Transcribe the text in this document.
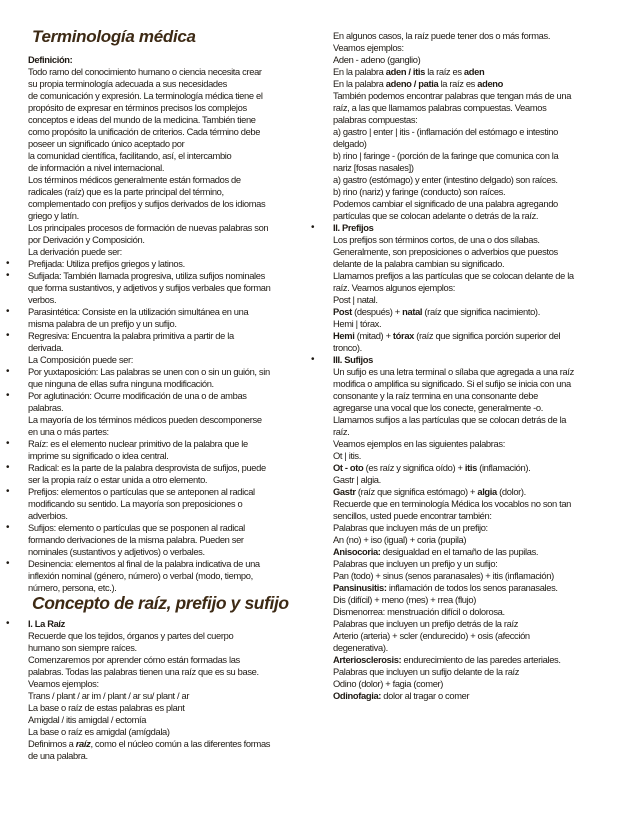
Terminología médica
Definición:
Todo ramo del conocimiento humano o ciencia necesita crear
su propia terminología adecuada a sus necesidades
de comunicación y expresión. La terminología médica tiene el
propósito de expresar en términos precisos los complejos
conceptos e ideas del mundo de la medicina. También tiene
como propósito la unificación de criterios. Cada término debe
poseer un significado único aceptado por
la comunidad científica, facilitando, así, el intercambio
de información a nivel internacional.
Los términos médicos generalmente están formados de
radicales (raíz) que es la parte principal del término,
complementado con prefijos y sufijos derivados de los idiomas
griego y latín.
Los principales procesos de formación de nuevas palabras son
por Derivación y Composición.
La derivación puede ser:
• Prefijada: Utiliza prefijos griegos y latinos.
• Sufijada: También llamada progresiva, utiliza sufijos nominales
que forma sustantivos, y adjetivos y sufijos verbales que forman
verbos.
• Parasintética: Consiste en la utilización simultánea en una
misma palabra de un prefijo y un sufijo.
• Regresiva: Encuentra la palabra primitiva a partir de la
derivada.
La Composición puede ser:
• Por yuxtaposición: Las palabras se unen con o sin un guión, sin
que ninguna de ellas sufra ninguna modificación.
• Por aglutinación: Ocurre modificación de una o de ambas
palabras.
La mayoría de los términos médicos pueden descomponerse
en una o más partes:
• Raíz: es el elemento nuclear primitivo de la palabra que le
imprime su significado o idea central.
• Radical: es la parte de la palabra desprovista de sufijos, puede
ser la propia raíz o estar unida a otro elemento.
• Prefijos: elementos o partículas que se anteponen al radical
modificando su sentido. La mayoría son preposiciones o
adverbios.
• Sufijos: elemento o partículas que se posponen al radical
formando derivaciones de la misma palabra. Pueden ser
nominales (sustantivos y adjetivos) o verbales.
• Desinencia: elementos al final de la palabra indicativa de una
inflexión nominal (género, número) o verbal (modo, tiempo,
número, persona, etc.).
Concepto de raíz, prefijo y sufijo
• I. La Raíz
Recuerde que los tejidos, órganos y partes del cuerpo
humano son siempre raíces.
Comenzaremos por aprender cómo están formadas las
palabras. Todas las palabras tienen una raíz que es su base.
Veamos ejemplos:
Trans / plant / ar im / plant / ar su/ plant / ar
La base o raíz de estas palabras es plant
Amigdal / itis amigdal / ectomía
La base o raíz es amigdal (amígdala)
Definimos a raíz, como el núcleo común a las diferentes formas
de una palabra.
En algunos casos, la raíz puede tener dos o más formas.
Veamos ejemplos:
Aden - adeno (ganglio)
En la palabra aden / itis la raíz es aden
En la palabra adeno / patia la raíz es adeno
También podemos encontrar palabras que tengan más de una
raíz, a las que llamamos palabras compuestas. Veamos
palabras compuestas:
a) gastro | enter | itis - (inflamación del estómago e intestino
delgado)
b) rino | faringe - (porción de la faringe que comunica con la
nariz [fosas nasales])
a) gastro (estómago) y enter (intestino delgado) son raíces.
b) rino (nariz) y faringe (conducto) son raíces.
Podemos cambiar el significado de una palabra agregando
partículas que se colocan adelante o detrás de la raíz.
• II. Prefijos
Los prefijos son términos cortos, de una o dos sílabas.
Generalmente, son preposiciones o adverbios que puestos
delante de la palabra cambian su significado.
Llamamos prefijos a las partículas que se colocan delante de la
raíz. Veamos algunos ejemplos:
Post | natal.
Post (después) + natal (raíz que significa nacimiento).
Hemi | tórax.
Hemi (mitad) + tórax (raíz que significa porción superior del
tronco).
• III. Sufijos
Un sufijo es una letra terminal o sílaba que agregada a una raíz
modifica o amplifica su significado. Si el sufijo se inicia con una
consonante y la raíz termina en una consonante debe
agregarse una vocal que los conecte, generalmente -o.
Llamamos sufijos a las partículas que se colocan detrás de la
raíz.
Veamos ejemplos en las siguientes palabras:
Ot | itis.
Ot - oto (es raíz y significa oído) + itis (inflamación).
Gastr | algia.
Gastr (raíz que significa estómago) + algia (dolor).
Recuerde que en terminología Médica los vocablos no son tan
sencillos, usted puede encontrar también:
Palabras que incluyen más de un prefijo:
An (no) + iso (igual) + coria (pupila)
Anisocoria: desigualdad en el tamaño de las pupilas.
Palabras que incluyen un prefijo y un sufijo:
Pan (todo) + sinus (senos paranasales) + itis (inflamación)
Pansinusitis: inflamación de todos los senos paranasales.
Dis (difícil) + meno (mes) + rrea (flujo)
Dismenorrea: menstruación difícil o dolorosa.
Palabras que incluyen un prefijo detrás de la raíz
Arterio (arteria) + scler (endurecido) + osis (afección
degenerativa).
Arteriosclerosis: endurecimiento de las paredes arteriales.
Palabras que incluyen un sufijo delante de la raíz
Odino (dolor) + fagia (comer)
Odinofagia: dolor al tragar o comer
